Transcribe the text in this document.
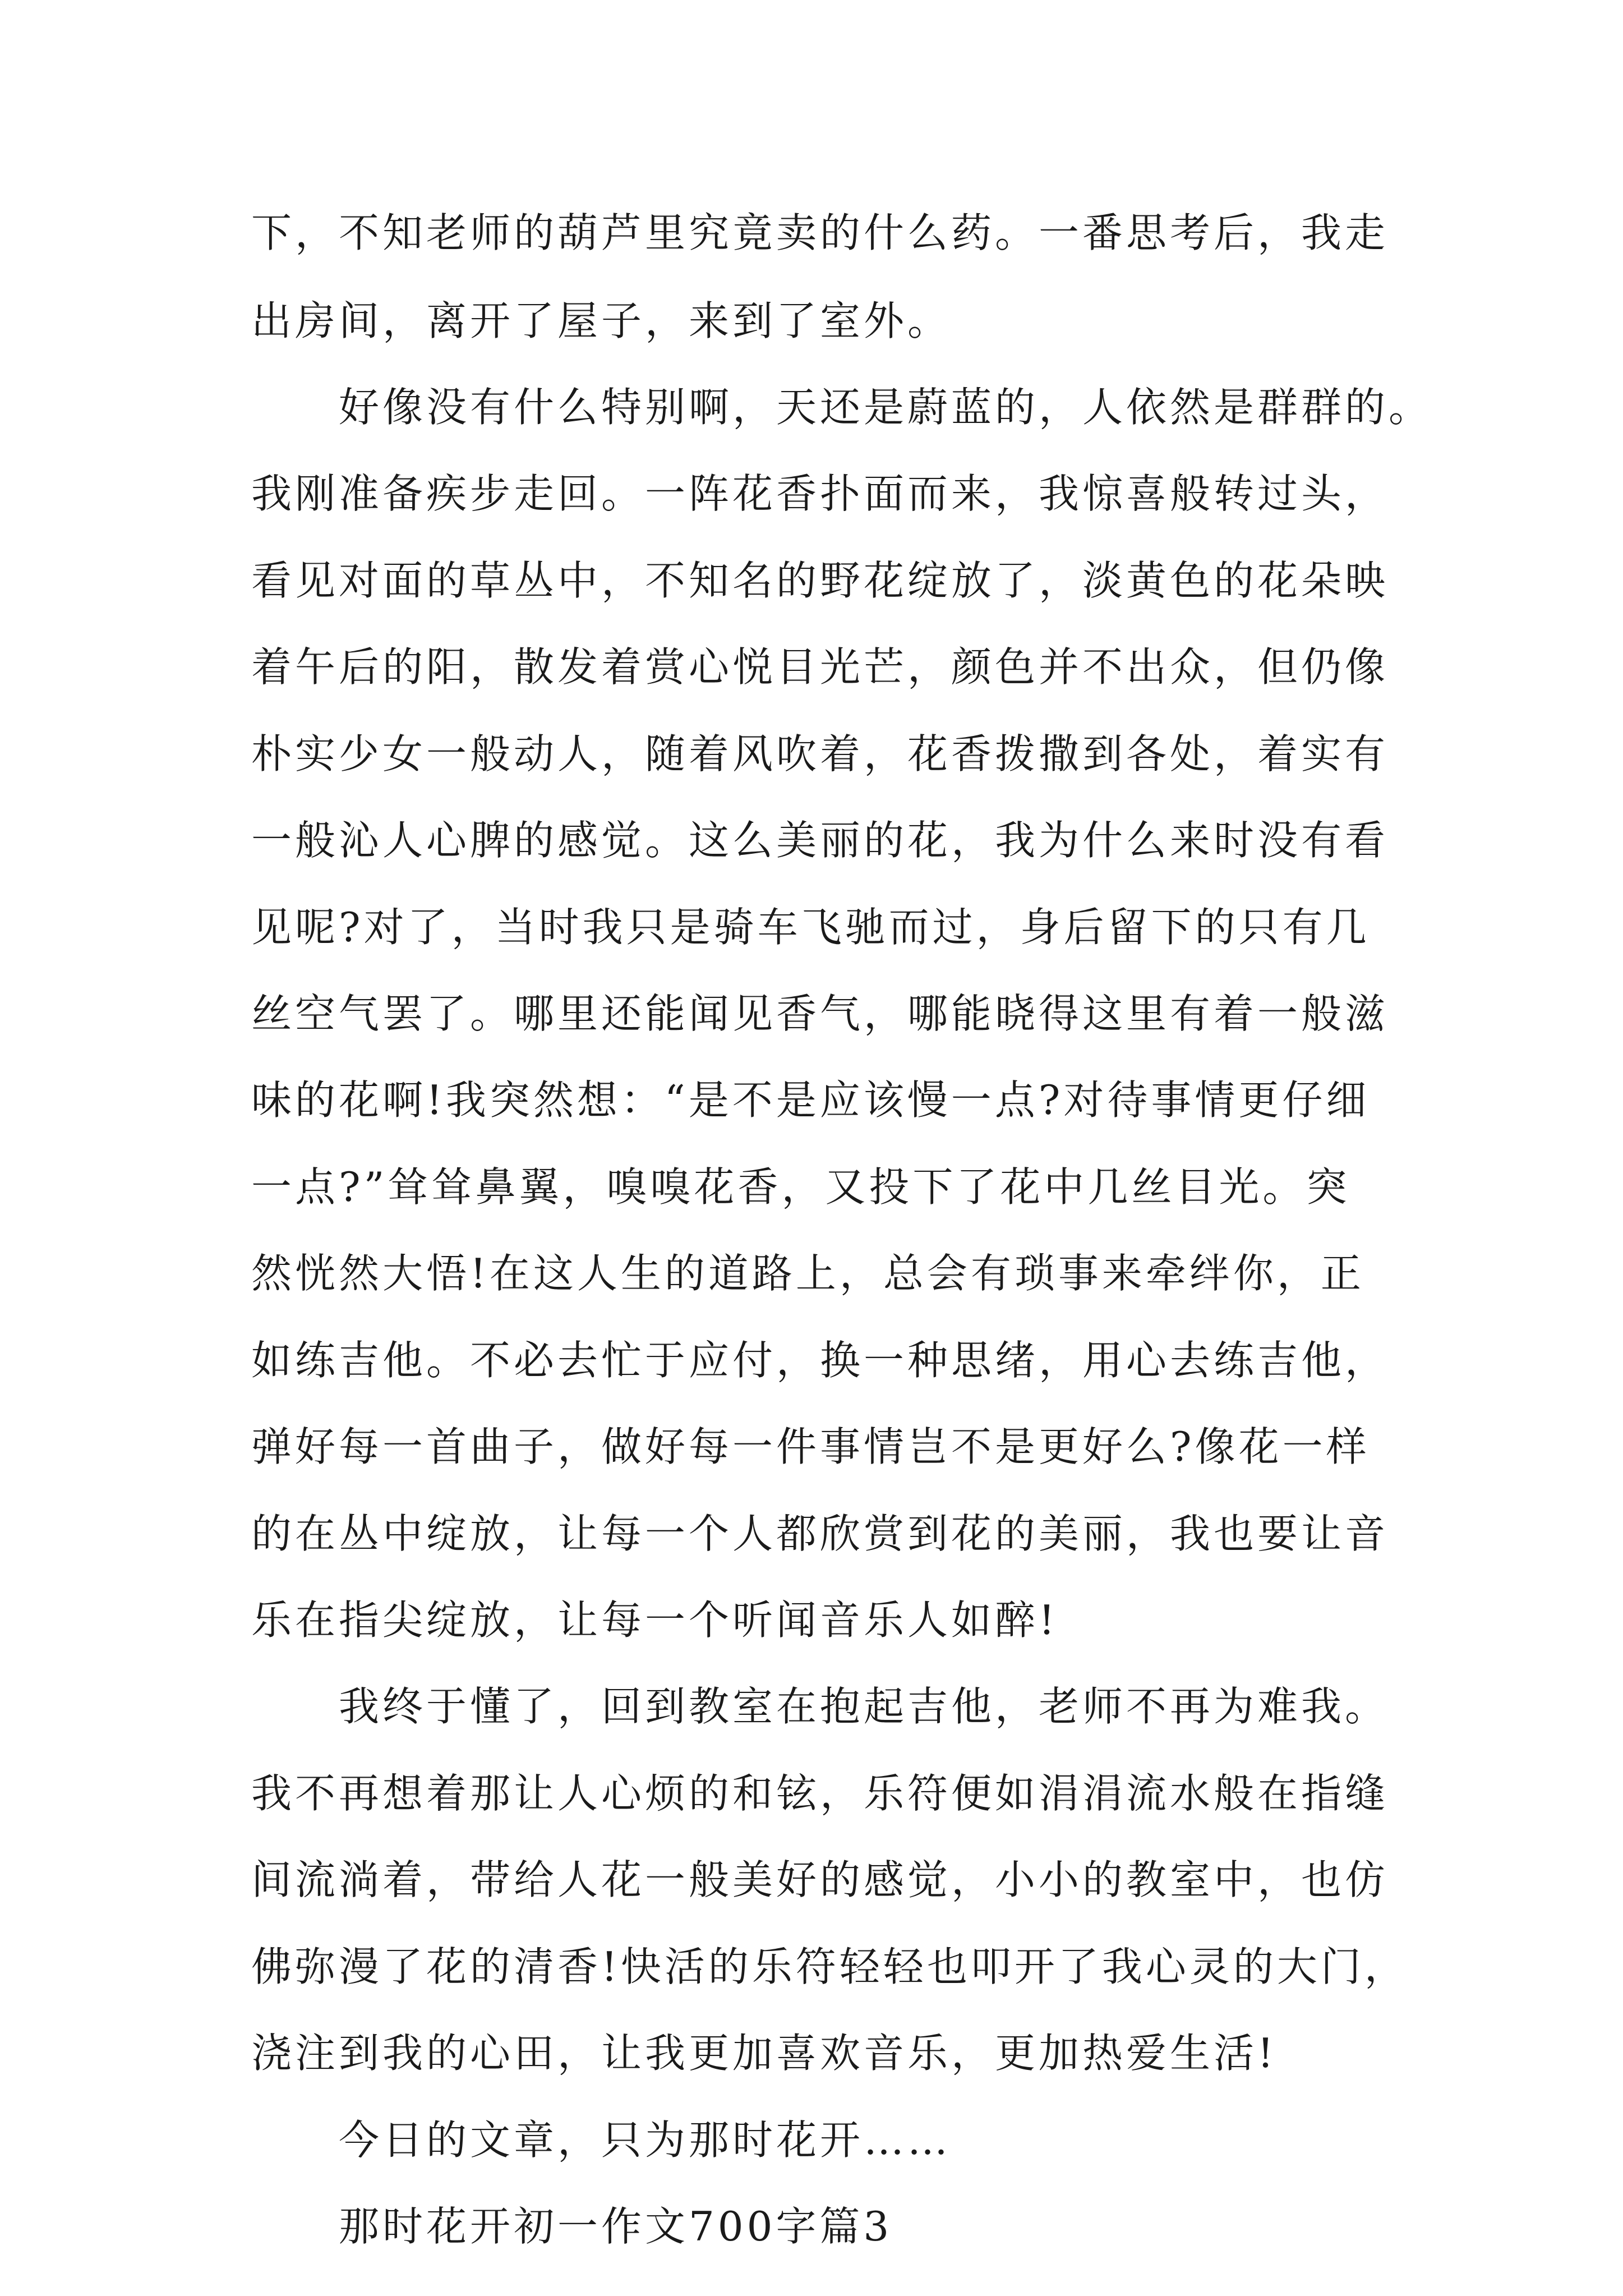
下，不知老师的葫芦里究竟卖的什么药。一番思考后，我走
出房间，离开了屋子，来到了室外。
好像没有什么特别啊，天还是蔚蓝的，人依然是群群的。
我刚准备疾步走回。一阵花香扑面而来，我惊喜般转过头，
看见对面的草丛中，不知名的野花绽放了，淡黄色的花朵映
着午后的阳，散发着赏心悦目光芒，颜色并不出众，但仍像
朴实少女一般动人，随着风吹着，花香拨撒到各处，着实有
一般沁人心脾的感觉。这么美丽的花，我为什么来时没有看
见呢?对了，当时我只是骑车飞驰而过，身后留下的只有几
丝空气罢了。哪里还能闻见香气，哪能晓得这里有着一般滋
味的花啊!我突然想：“是不是应该慢一点?对待事情更仔细
一点?”耸耸鼻翼，嗅嗅花香，又投下了花中几丝目光。突
然恍然大悟!在这人生的道路上，总会有琐事来牵绊你，正
如练吉他。不必去忙于应付，换一种思绪，用心去练吉他，
弹好每一首曲子，做好每一件事情岂不是更好么?像花一样
的在丛中绽放，让每一个人都欣赏到花的美丽，我也要让音
乐在指尖绽放，让每一个听闻音乐人如醉!
我终于懂了，回到教室在抱起吉他，老师不再为难我。
我不再想着那让人心烦的和铉，乐符便如涓涓流水般在指缝
间流淌着，带给人花一般美好的感觉，小小的教室中，也仿
佛弥漫了花的清香!快活的乐符轻轻也叩开了我心灵的大门，
浇注到我的心田，让我更加喜欢音乐，更加热爱生活!
今日的文章，只为那时花开……
那时花开初一作文700字篇3
